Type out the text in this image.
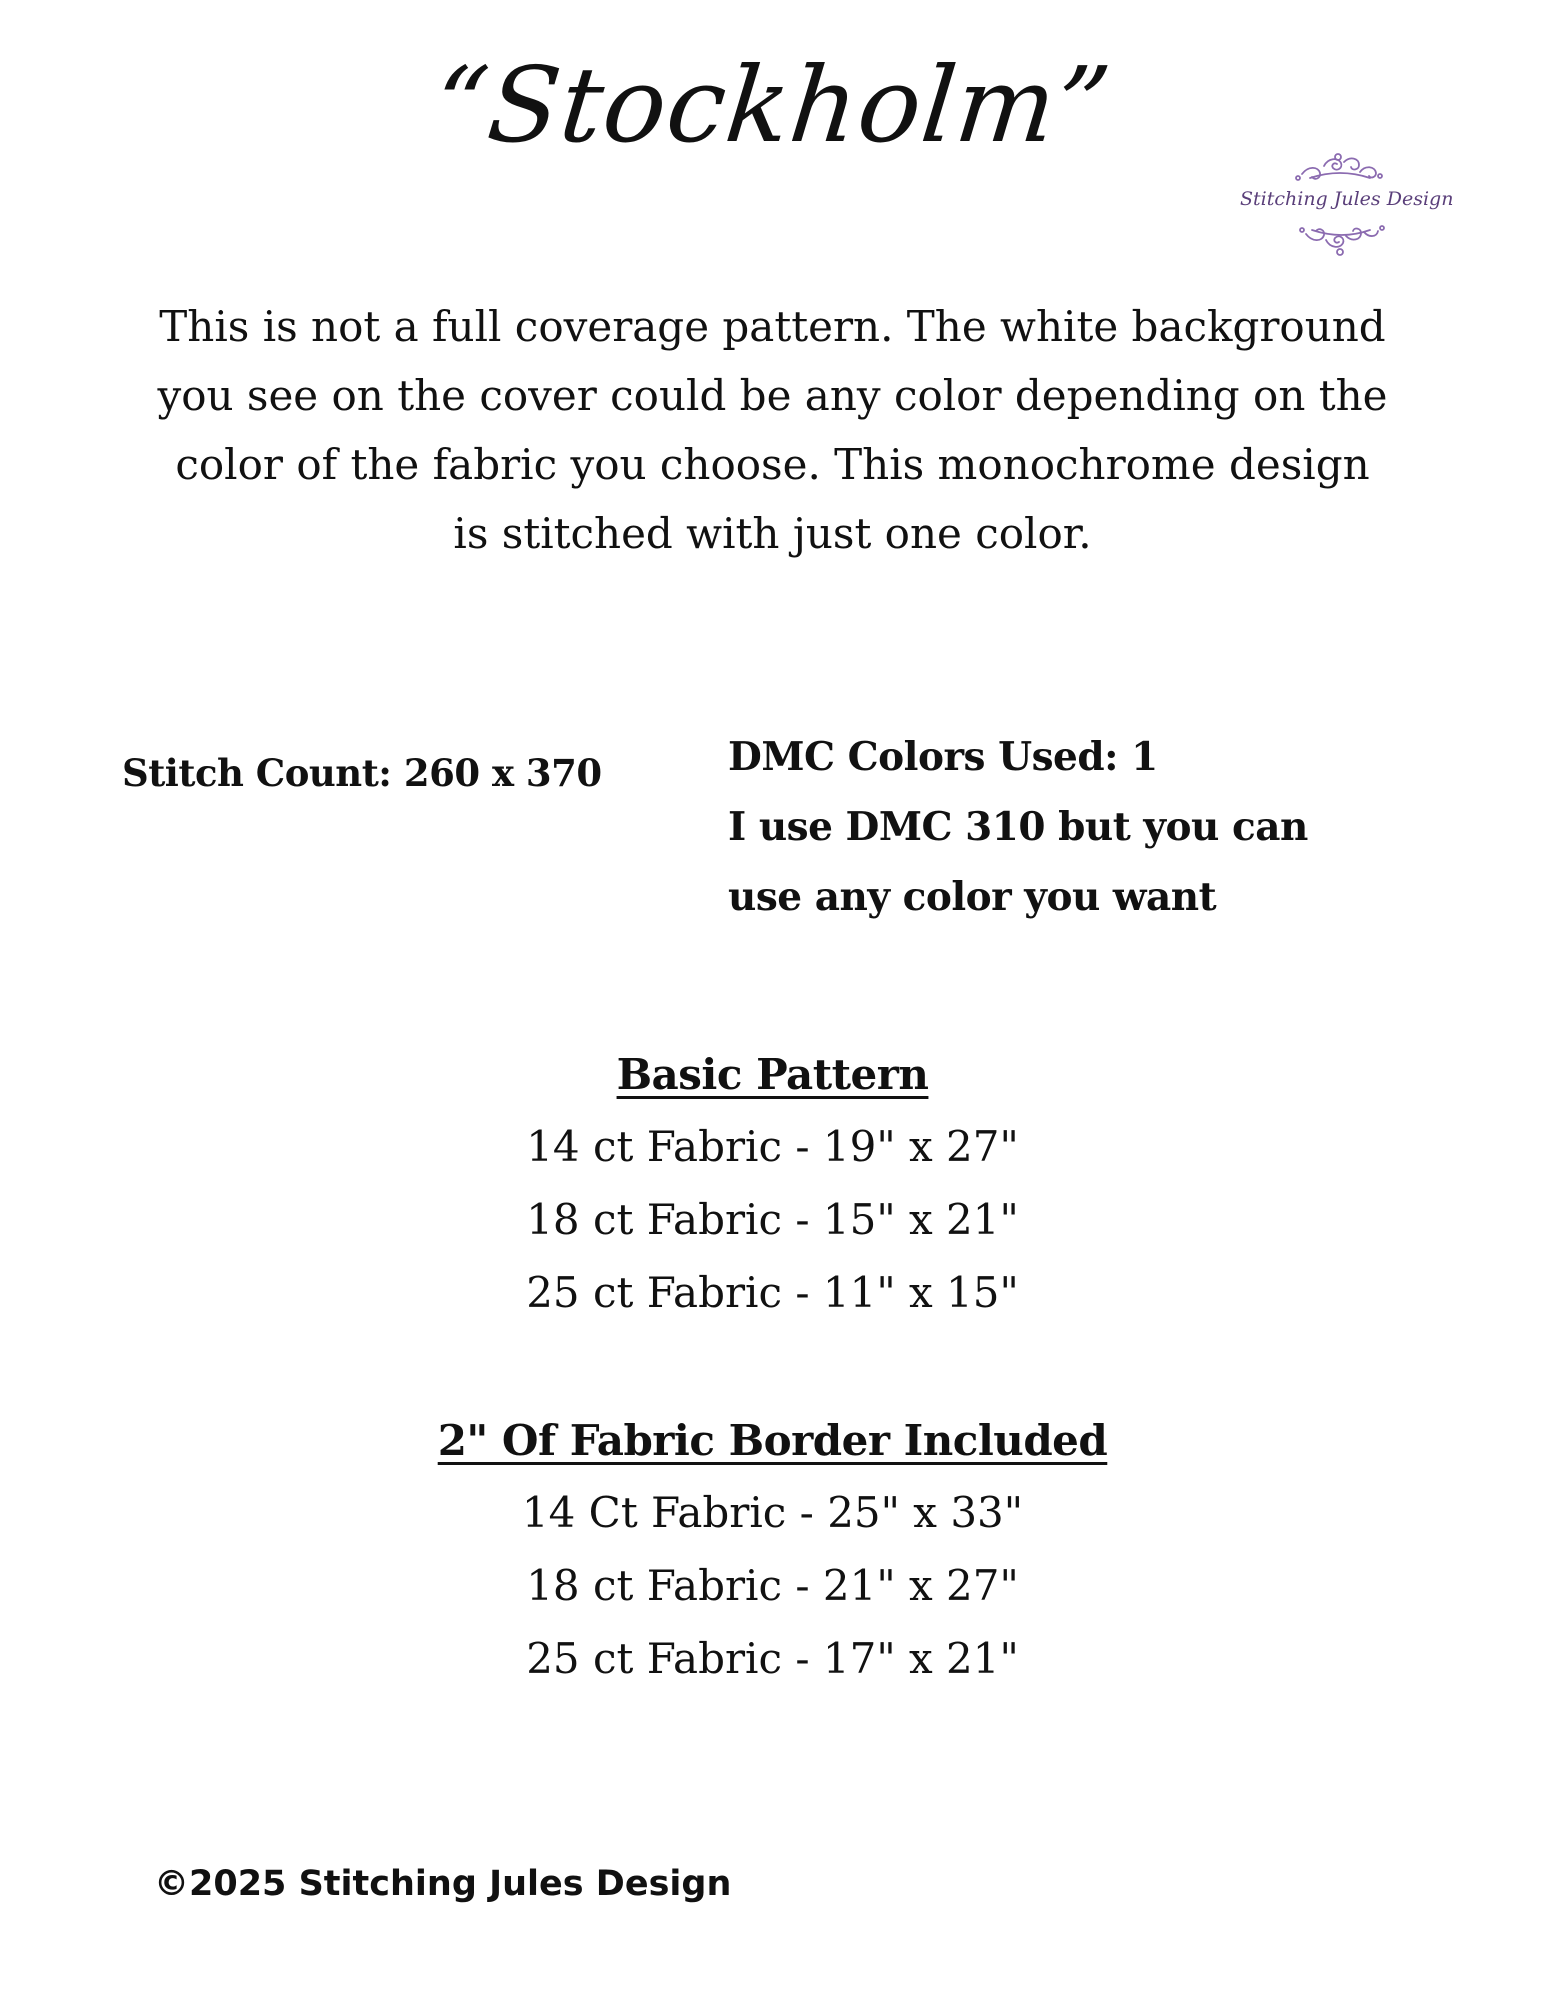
“Stockholm”
Stitching Jules Design
This is not a full coverage pattern. The white background
you see on the cover could be any color depending on the
color of the fabric you choose. This monochrome design
is stitched with just one color.
Stitch Count: 260 x 370	DMC Colors Used: 1
I use DMC 310 but you can
use any color you want
Basic Pattern
14 ct Fabric - 19" x 27"
18 ct Fabric - 15" x 21"
25 ct Fabric - 11" x 15"
2" Of Fabric Border Included
14 Ct Fabric - 25" x 33"
18 ct Fabric - 21" x 27"
25 ct Fabric - 17" x 21"
©2025 Stitching Jules Design
